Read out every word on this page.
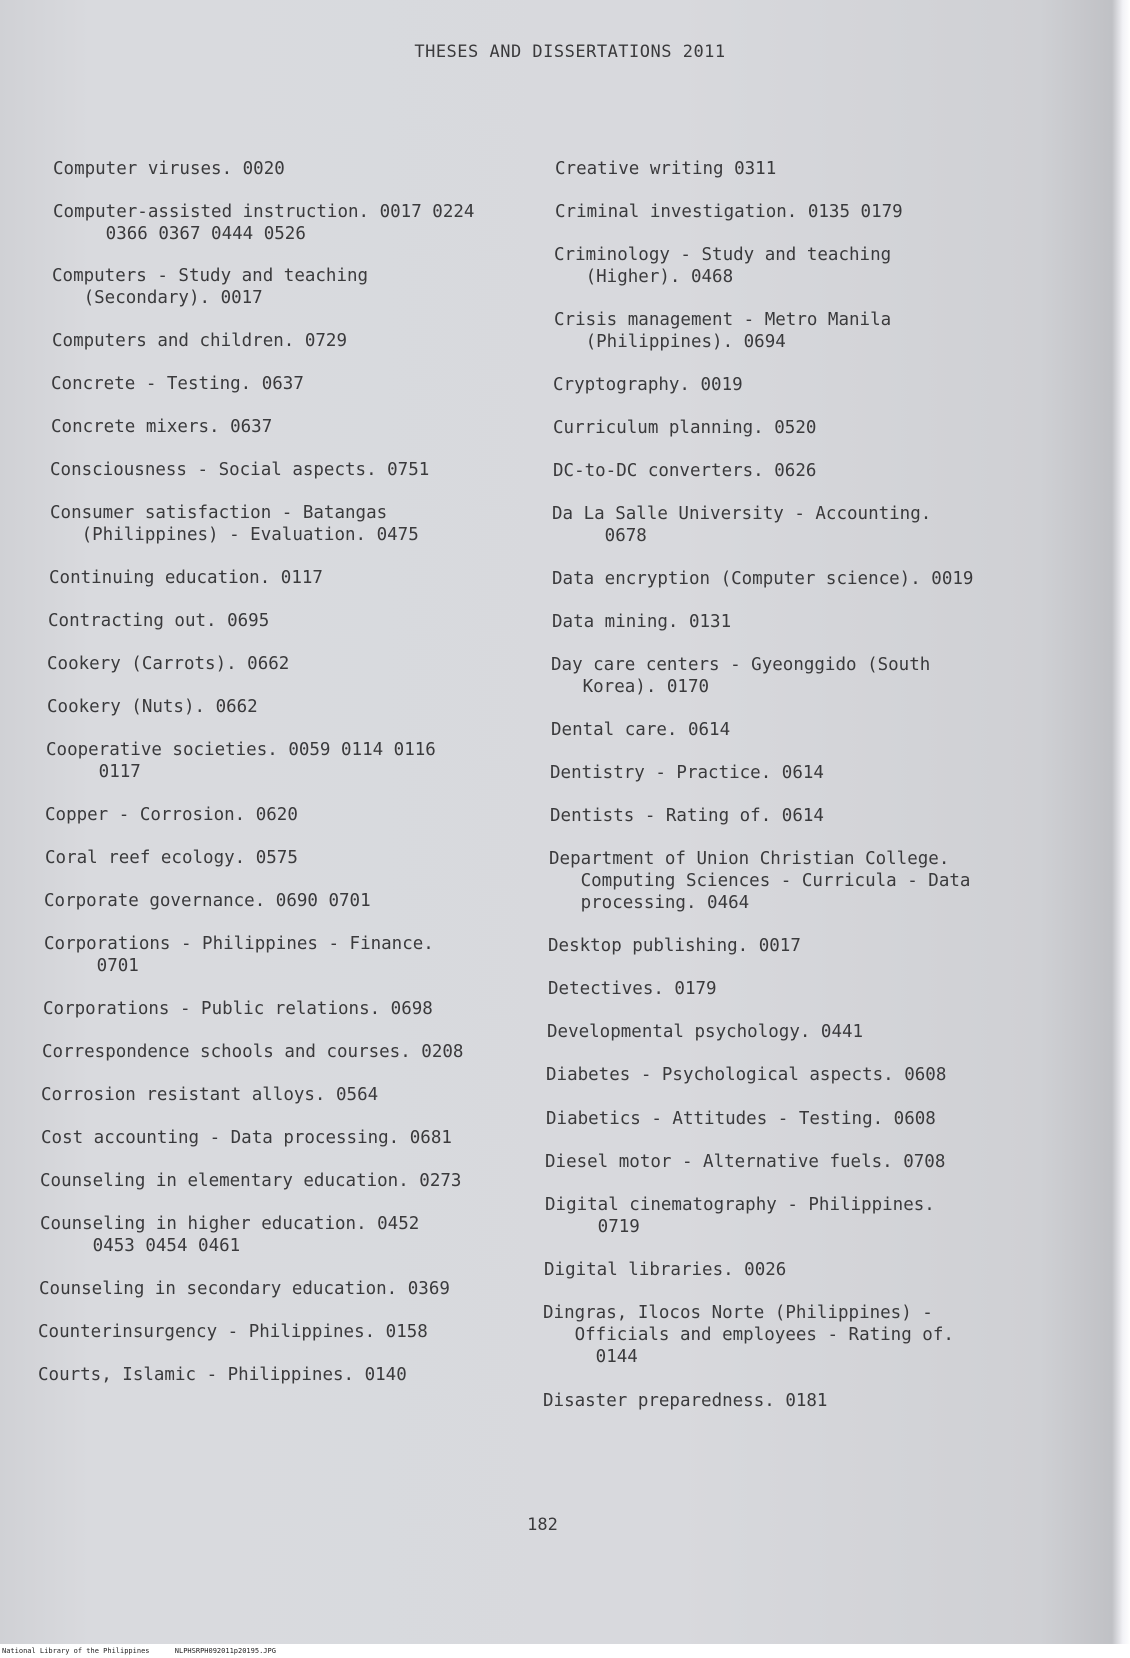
THESES AND DISSERTATIONS 2011
Computer viruses. 0020
Computer-assisted instruction. 0017 0224
0366 0367 0444 0526
Computers - Study and teaching
(Secondary). 0017
Computers and children. 0729
Concrete - Testing. 0637
Concrete mixers. 0637
Consciousness - Social aspects. 0751
Consumer satisfaction - Batangas
(Philippines) - Evaluation. 0475
Continuing education. 0117
Contracting out. 0695
Cookery (Carrots). 0662
Cookery (Nuts). 0662
Cooperative societies. 0059 0114 0116
0117
Copper - Corrosion. 0620
Coral reef ecology. 0575
Corporate governance. 0690 0701
Corporations - Philippines - Finance.
0701
Corporations - Public relations. 0698
Correspondence schools and courses. 0208
Corrosion resistant alloys. 0564
Cost accounting - Data processing. 0681
Counseling in elementary education. 0273
Counseling in higher education. 0452
0453 0454 0461
Counseling in secondary education. 0369
Counterinsurgency - Philippines. 0158
Courts, Islamic - Philippines. 0140
Creative writing 0311
Criminal investigation. 0135 0179
Criminology - Study and teaching
(Higher). 0468
Crisis management - Metro Manila
(Philippines). 0694
Cryptography. 0019
Curriculum planning. 0520
DC-to-DC converters. 0626
Da La Salle University - Accounting.
0678
Data encryption (Computer science). 0019
Data mining. 0131
Day care centers - Gyeonggido (South
Korea). 0170
Dental care. 0614
Dentistry - Practice. 0614
Dentists - Rating of. 0614
Department of Union Christian College.
Computing Sciences - Curricula - Data
processing. 0464
Desktop publishing. 0017
Detectives. 0179
Developmental psychology. 0441
Diabetes - Psychological aspects. 0608
Diabetics - Attitudes - Testing. 0608
Diesel motor - Alternative fuels. 0708
Digital cinematography - Philippines.
0719
Digital libraries. 0026
Dingras, Ilocos Norte (Philippines) -
Officials and employees - Rating of.
0144
Disaster preparedness. 0181
182
National Library of the Philippines      NLPHSRPH092011p20195.JPG
